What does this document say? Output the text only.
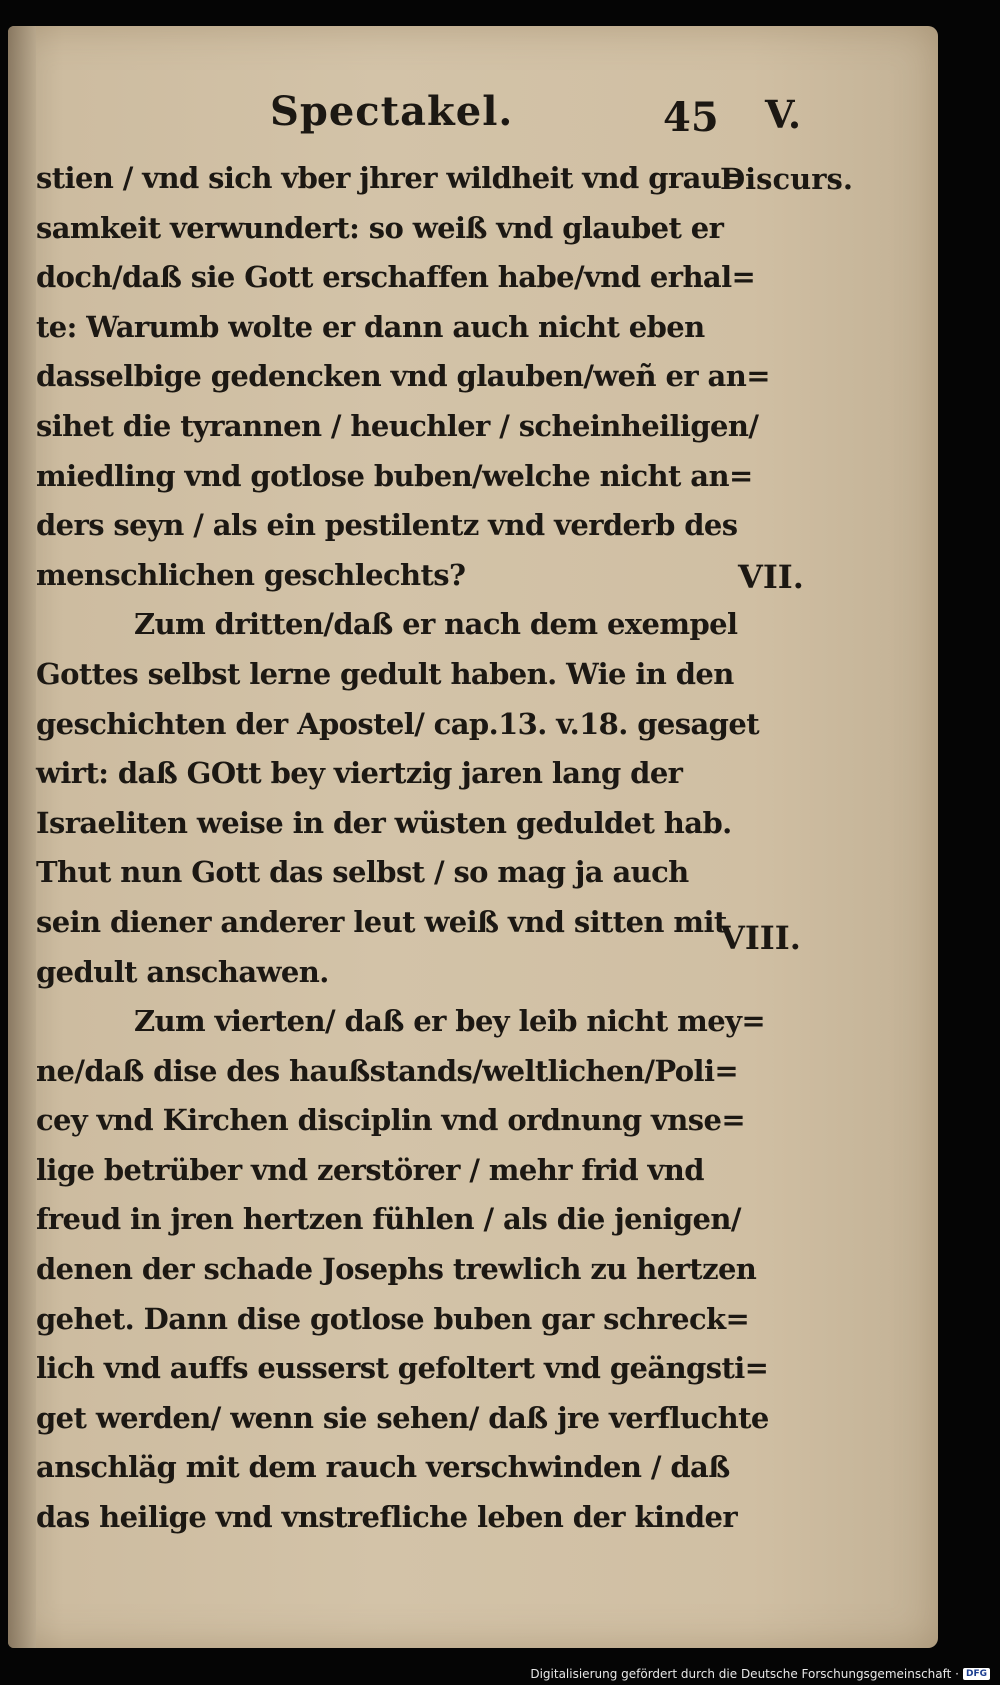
Spectakel.	45 V.
Discurs.
VII.
VIII.
stien / vnd sich vber jhrer wildheit vnd grau=
samkeit verwundert: so weiß vnd glaubet er
doch/daß sie Gott erschaffen habe/vnd erhal=
te: Warumb wolte er dann auch nicht eben
dasselbige gedencken vnd glauben/weñ er an=
sihet die tyrannen / heuchler / scheinheiligen/
miedling vnd gotlose buben/welche nicht an=
ders seyn / als ein pestilentz vnd verderb des
menschlichen geschlechts?
Zum dritten/daß er nach dem exempel
Gottes selbst lerne gedult haben. Wie in den
geschichten der Apostel/ cap.13. v.18. gesaget
wirt: daß GOtt bey viertzig jaren lang der
Israeliten weise in der wüsten geduldet hab.
Thut nun Gott das selbst / so mag ja auch
sein diener anderer leut weiß vnd sitten mit
gedult anschawen.
Zum vierten/ daß er bey leib nicht mey=
ne/daß dise des haußstands/weltlichen/Poli=
cey vnd Kirchen disciplin vnd ordnung vnse=
lige betrüber vnd zerstörer / mehr frid vnd
freud in jren hertzen fühlen / als die jenigen/
denen der schade Josephs trewlich zu hertzen
gehet. Dann dise gotlose buben gar schreck=
lich vnd auffs eusserst gefoltert vnd geängsti=
get werden/ wenn sie sehen/ daß jre verfluchte
anschläg mit dem rauch verschwinden / daß
das heilige vnd vnstrefliche leben der kinder
Digitalisierung gefördert durch die Deutsche Forschungsgemeinschaft · DFG
